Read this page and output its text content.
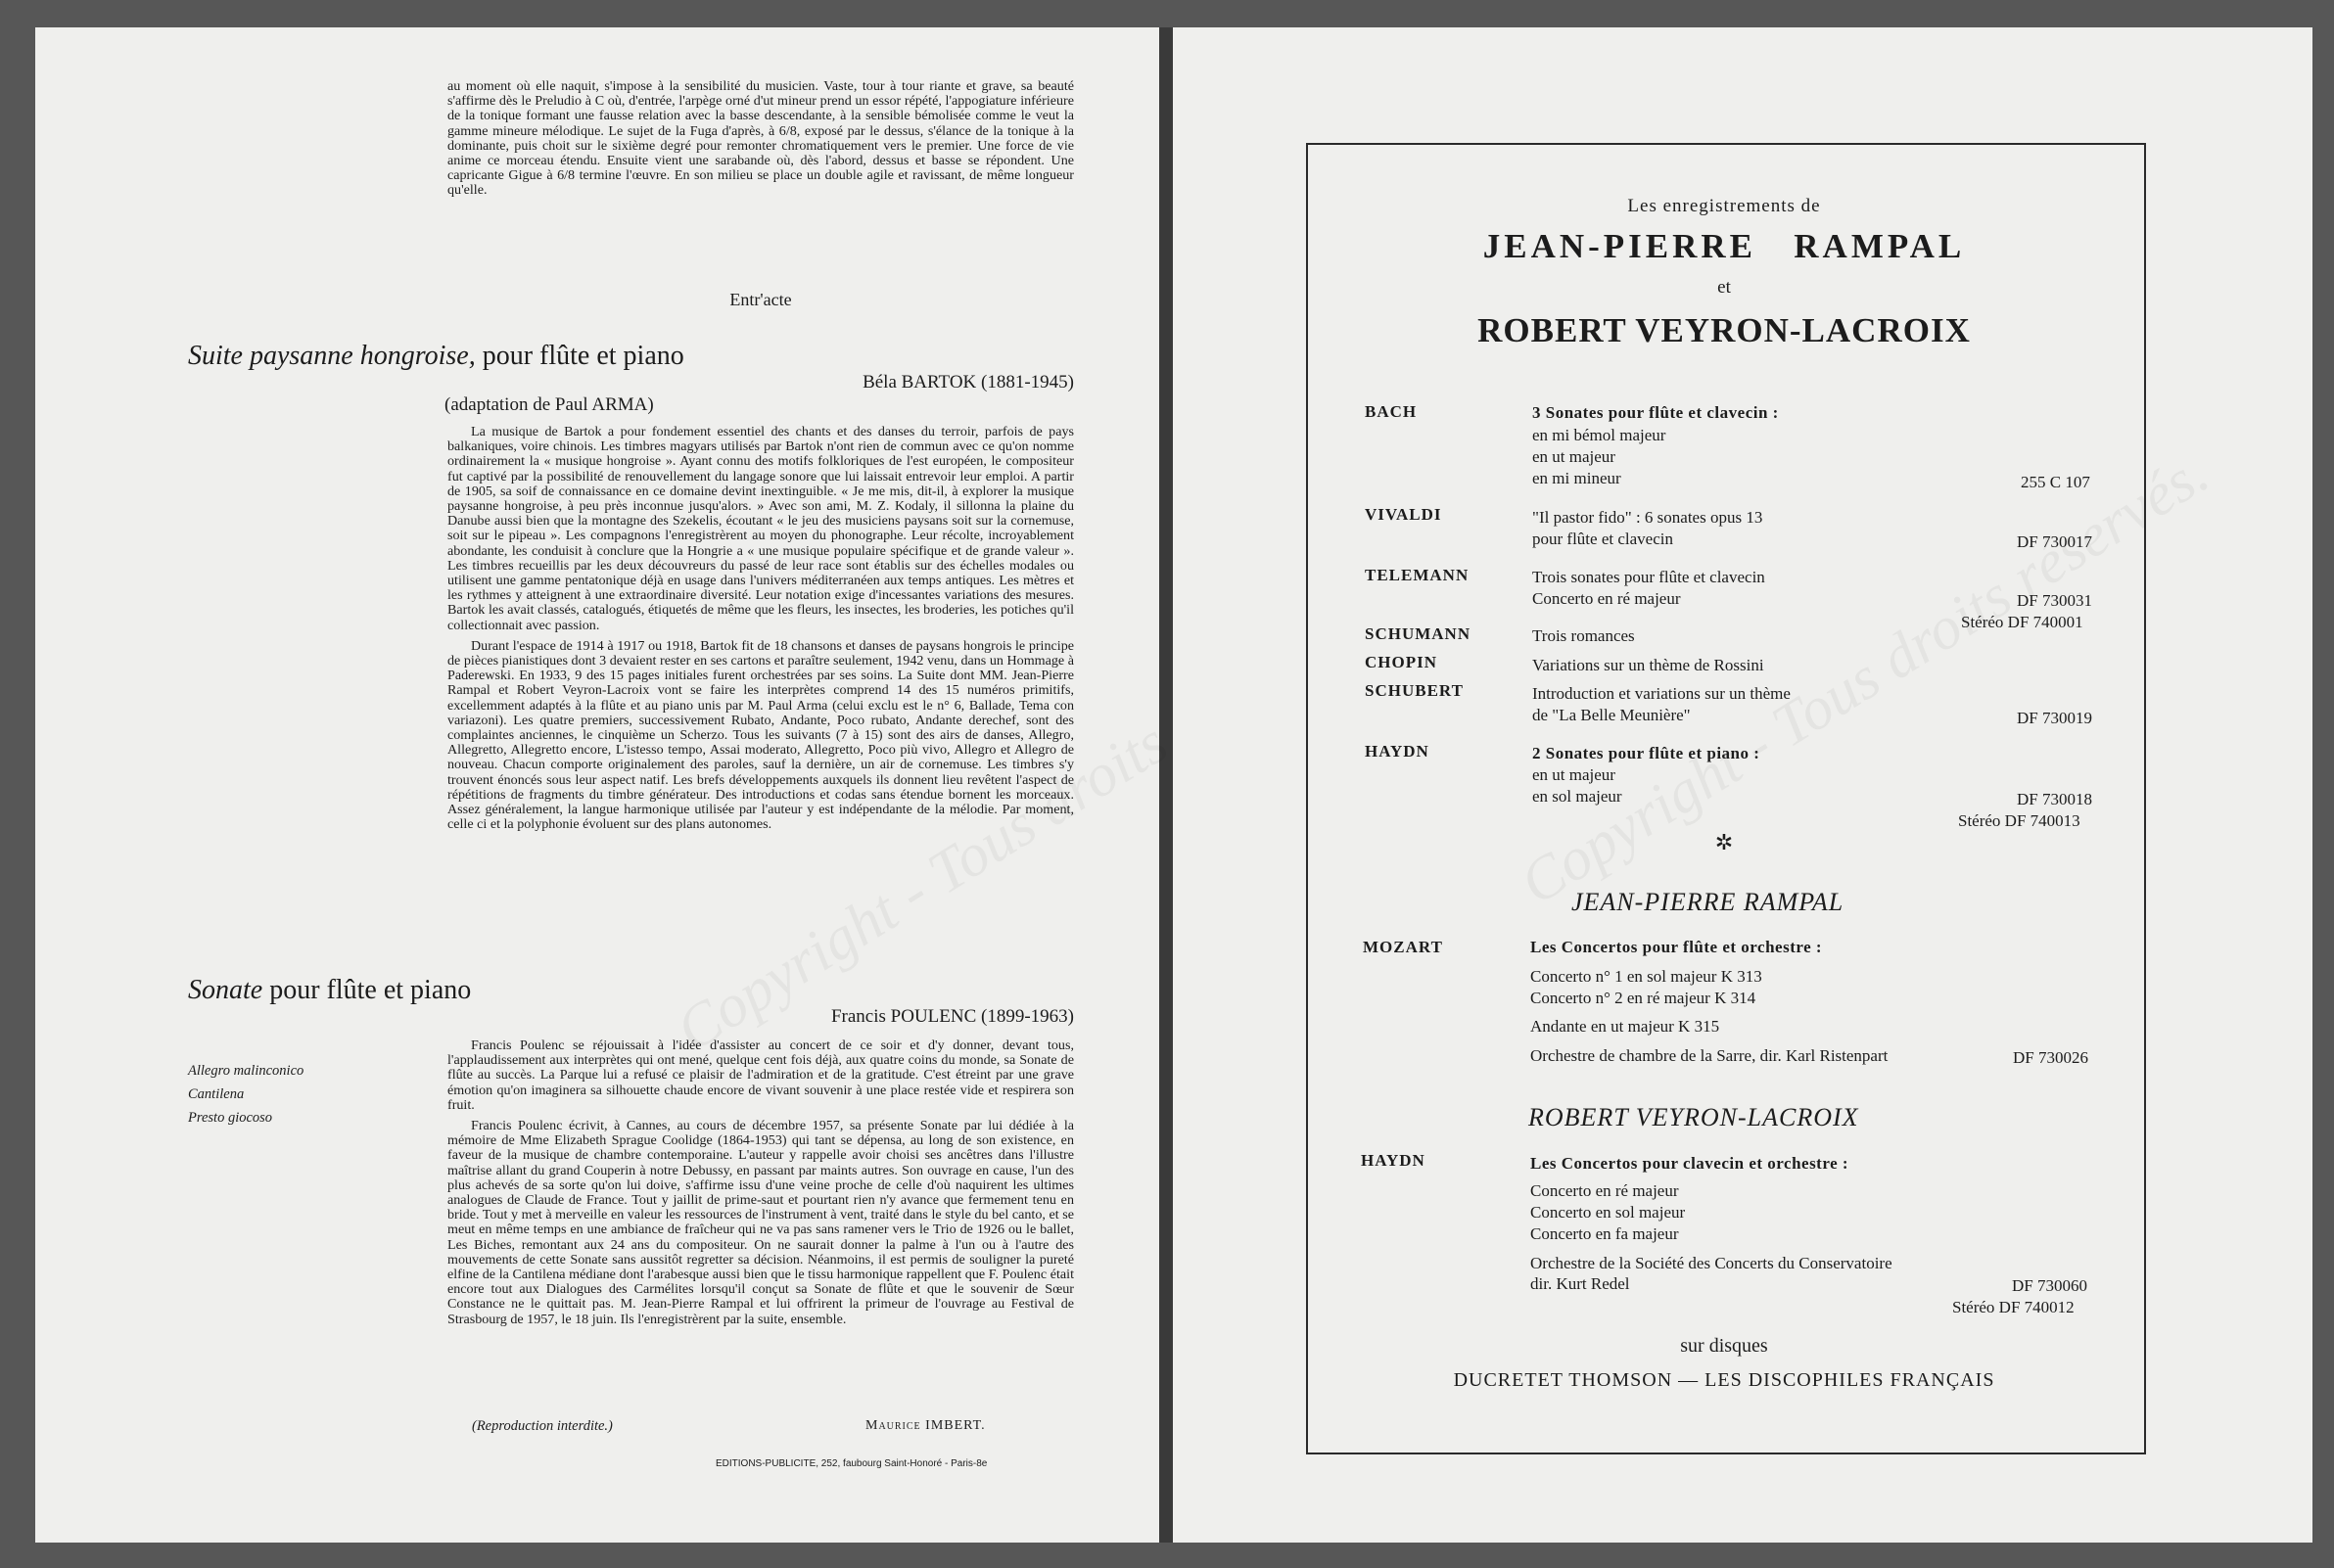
au moment où elle naquit, s'impose à la sensibilité du musicien. Vaste, tour à tour riante et grave, sa beauté s'affirme dès le Preludio à C où, d'entrée, l'arpège orné d'ut mineur prend un essor répété, l'appogiature inférieure de la tonique formant une fausse relation avec la basse descendante, à la sensible bémolisée comme le veut la gamme mineure mélodique. Le sujet de la Fuga d'après, à 6/8, exposé par le dessus, s'élance de la tonique à la dominante, puis choit sur le sixième degré pour remonter chromatiquement vers le premier. Une force de vie anime ce morceau étendu. Ensuite vient une sarabande où, dès l'abord, dessus et basse se répondent. Une capricante Gigue à 6/8 termine l'œuvre. En son milieu se place un double agile et ravissant, de même longueur qu'elle.

Entr'acte
Suite paysanne hongroise, pour flûte et piano
Béla BARTOK (1881-1945)
(adaptation de Paul ARMA)

La musique de Bartok a pour fondement essentiel des chants et des danses du terroir, parfois de pays balkaniques, voire chinois. Les timbres magyars utilisés par Bartok n'ont rien de commun avec ce qu'on nomme ordinairement la « musique hongroise ». Ayant connu des motifs folkloriques de l'est européen, le compositeur fut captivé par la possibilité de renouvellement du langage sonore que lui laissait entrevoir leur emploi. A partir de 1905, sa soif de connaissance en ce domaine devint inextinguible. « Je me mis, dit-il, à explorer la musique paysanne hongroise, à peu près inconnue jusqu'alors. » Avec son ami, M. Z. Kodaly, il sillonna la plaine du Danube aussi bien que la montagne des Szekelis, écoutant « le jeu des musiciens paysans soit sur la cornemuse, soit sur le pipeau ». Les compagnons l'enregistrèrent au moyen du phonographe. Leur récolte, incroyablement abondante, les conduisit à conclure que la Hongrie a « une musique populaire spécifique et de grande valeur ». Les timbres recueillis par les deux découvreurs du passé de leur race sont établis sur des échelles modales ou utilisent une gamme pentatonique déjà en usage dans l'univers méditerranéen aux temps antiques. Les mètres et les rythmes y atteignent à une extraordinaire diversité. Leur notation exige d'incessantes variations des mesures. Bartok les avait classés, catalogués, étiquetés de même que les fleurs, les insectes, les broderies, les potiches qu'il collectionnait avec passion.

Durant l'espace de 1914 à 1917 ou 1918, Bartok fit de 18 chansons et danses de paysans hongrois le principe de pièces pianistiques dont 3 devaient rester en ses cartons et paraître seulement, 1942 venu, dans un Hommage à Paderewski. En 1933, 9 des 15 pages initiales furent orchestrées par ses soins. La Suite dont MM. Jean-Pierre Rampal et Robert Veyron-Lacroix vont se faire les interprètes comprend 14 des 15 numéros primitifs, excellemment adaptés à la flûte et au piano unis par M. Paul Arma (celui exclu est le n° 6, Ballade, Tema con variazoni). Les quatre premiers, successivement Rubato, Andante, Poco rubato, Andante derechef, sont des complaintes anciennes, le cinquième un Scherzo. Tous les suivants (7 à 15) sont des airs de danses, Allegro, Allegretto, Allegretto encore, L'istesso tempo, Assai moderato, Allegretto, Poco più vivo, Allegro et Allegro de nouveau. Chacun comporte originalement des paroles, sauf la dernière, un air de cornemuse. Les timbres s'y trouvent énoncés sous leur aspect natif. Les brefs développements auxquels ils donnent lieu revêtent l'aspect de répétitions de fragments du timbre générateur. Des introductions et codas sans étendue bornent les morceaux. Assez généralement, la langue harmonique utilisée par l'auteur y est indépendante de la mélodie. Par moment, celle ci et la polyphonie évoluent sur des plans autonomes.

Sonate pour flûte et piano
Francis POULENC (1899-1963)
Allegro malinconico
Cantilena
Presto giocoso

Francis Poulenc se réjouissait à l'idée d'assister au concert de ce soir et d'y donner, devant tous, l'applaudissement aux interprètes qui ont mené, quelque cent fois déjà, aux quatre coins du monde, sa Sonate de flûte au succès. La Parque lui a refusé ce plaisir de l'admiration et de la gratitude. C'est étreint par une grave émotion qu'on imaginera sa silhouette chaude encore de vivant souvenir à une place restée vide et respirera son fruit.

Francis Poulenc écrivit, à Cannes, au cours de décembre 1957, sa présente Sonate par lui dédiée à la mémoire de Mme Elizabeth Sprague Coolidge (1864-1953) qui tant se dépensa, au long de son existence, en faveur de la musique de chambre contemporaine. L'auteur y rappelle avoir choisi ses ancêtres dans l'illustre maîtrise allant du grand Couperin à notre Debussy, en passant par maints autres. Son ouvrage en cause, l'un des plus achevés de sa sorte qu'on lui doive, s'affirme issu d'une veine proche de celle d'où naquirent les ultimes analogues de Claude de France. Tout y jaillit de prime-saut et pourtant rien n'y avance que fermement tenu en bride. Tout y met à merveille en valeur les ressources de l'instrument à vent, traité dans le style du bel canto, et se meut en même temps en une ambiance de fraîcheur qui ne va pas sans ramener vers le Trio de 1926 ou le ballet, Les Biches, remontant aux 24 ans du compositeur. On ne saurait donner la palme à l'un ou à l'autre des mouvements de cette Sonate sans aussitôt regretter sa décision. Néanmoins, il est permis de souligner la pureté elfine de la Cantilena médiane dont l'arabesque aussi bien que le tissu harmonique rappellent que F. Poulenc était encore tout aux Dialogues des Carmélites lorsqu'il conçut sa Sonate de flûte et que le souvenir de Sœur Constance ne le quittait pas. M. Jean-Pierre Rampal et lui offrirent la primeur de l'ouvrage au Festival de Strasbourg de 1957, le 18 juin. Ils l'enregistrèrent par la suite, ensemble.

(Reproduction interdite.)	Maurice IMBERT.
EDITIONS-PUBLICITE, 252, faubourg Saint-Honoré - Paris-8e
Les enregistrements de
JEAN-PIERRE   RAMPAL
et
ROBERT VEYRON-LACROIX
BACH	3 Sonates pour flûte et clavecin :
en mi bémol majeur
en ut majeur
en mi mineur	255 C 107
VIVALDI	"Il pastor fido" : 6 sonates opus 13
pour flûte et clavecin	DF 730017
TELEMANN	Trois sonates pour flûte et clavecin
Concerto en ré majeur	DF 730031
Stéréo DF 740001
SCHUMANN	Trois romances
CHOPIN	Variations sur un thème de Rossini
SCHUBERT	Introduction et variations sur un thème
de "La Belle Meunière"	DF 730019
HAYDN	2 Sonates pour flûte et piano :
en ut majeur
en sol majeur	DF 730018
Stéréo DF 740013
✲
JEAN-PIERRE RAMPAL
MOZART	Les Concertos pour flûte et orchestre :
Concerto n° 1 en sol majeur K 313
Concerto n° 2 en ré majeur K 314
Andante en ut majeur K 315
Orchestre de chambre de la Sarre, dir. Karl Ristenpart	DF 730026
ROBERT VEYRON-LACROIX
HAYDN	Les Concertos pour clavecin et orchestre :
Concerto en ré majeur
Concerto en sol majeur
Concerto en fa majeur
Orchestre de la Société des Concerts du Conservatoire
dir. Kurt Redel	DF 730060
Stéréo DF 740012
sur disques
DUCRETET THOMSON — LES DISCOPHILES FRANÇAIS
